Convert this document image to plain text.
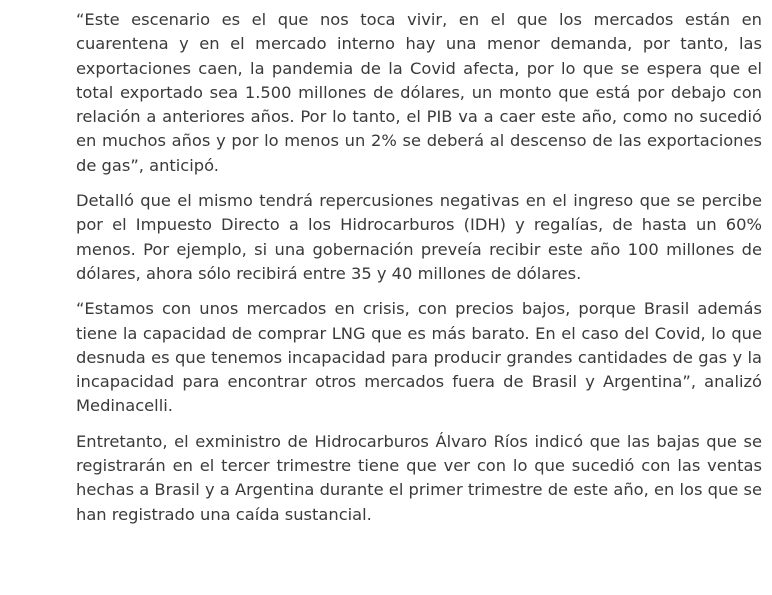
“Este escenario es el que nos toca vivir, en el que los mercados están en cuarentena y en el mercado interno hay una menor demanda, por tanto, las exportaciones caen, la pandemia de la Covid afecta, por lo que se espera que el total exportado sea 1.500 millones de dólares, un monto que está por debajo con relación a anteriores años. Por lo tanto, el PIB va a caer este año, como no sucedió en muchos años y por lo menos un 2% se deberá al descenso de las exportaciones de gas”, anticipó.

Detalló que el mismo tendrá repercusiones negativas en el ingreso que se percibe por el Impuesto Directo a los Hidrocarburos (IDH) y regalías, de hasta un 60% menos. Por ejemplo, si una gobernación preveía recibir este año 100 millones de dólares, ahora sólo recibirá entre 35 y 40 millones de dólares.

“Estamos con unos mercados en crisis, con precios bajos, porque Brasil además tiene la capacidad de comprar LNG que es más barato. En el caso del Covid, lo que desnuda es que tenemos incapacidad para producir grandes cantidades de gas y la incapacidad para encontrar otros mercados fuera de Brasil y Argentina”, analizó Medinacelli.

Entretanto, el exministro de Hidrocarburos Álvaro Ríos indicó que las bajas que se registrarán en el tercer trimestre tiene que ver con lo que sucedió con las ventas hechas a Brasil y a Argentina durante el primer trimestre de este año, en los que se han registrado una caída sustancial.
